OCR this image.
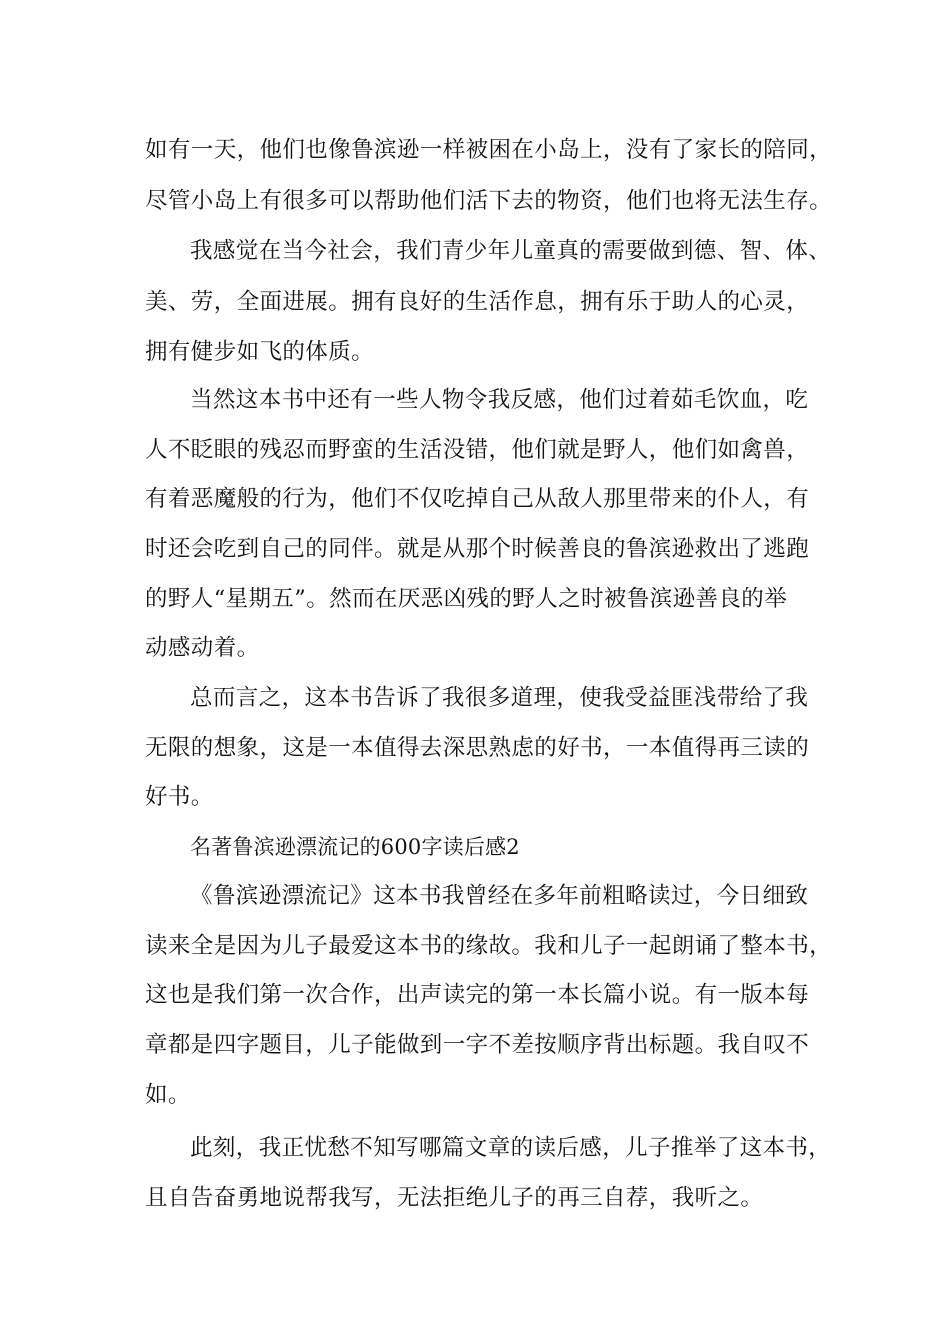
如有一天，他们也像鲁滨逊一样被困在小岛上，没有了家长的陪同，
尽管小岛上有很多可以帮助他们活下去的物资，他们也将无法生存。
我感觉在当今社会，我们青少年儿童真的需要做到德、智、体、
美、劳，全面进展。拥有良好的生活作息，拥有乐于助人的心灵，
拥有健步如飞的体质。
当然这本书中还有一些人物令我反感，他们过着茹毛饮血，吃
人不眨眼的残忍而野蛮的生活没错，他们就是野人，他们如禽兽，
有着恶魔般的行为，他们不仅吃掉自己从敌人那里带来的仆人，有
时还会吃到自己的同伴。就是从那个时候善良的鲁滨逊救出了逃跑
的野人“星期五”。然而在厌恶凶残的野人之时被鲁滨逊善良的举
动感动着。
总而言之，这本书告诉了我很多道理，使我受益匪浅带给了我
无限的想象，这是一本值得去深思熟虑的好书，一本值得再三读的
好书。
名著鲁滨逊漂流记的600字读后感2
《鲁滨逊漂流记》这本书我曾经在多年前粗略读过，今日细致
读来全是因为儿子最爱这本书的缘故。我和儿子一起朗诵了整本书，
这也是我们第一次合作，出声读完的第一本长篇小说。有一版本每
章都是四字题目，儿子能做到一字不差按顺序背出标题。我自叹不
如。
此刻，我正忧愁不知写哪篇文章的读后感，儿子推举了这本书，
且自告奋勇地说帮我写，无法拒绝儿子的再三自荐，我听之。
